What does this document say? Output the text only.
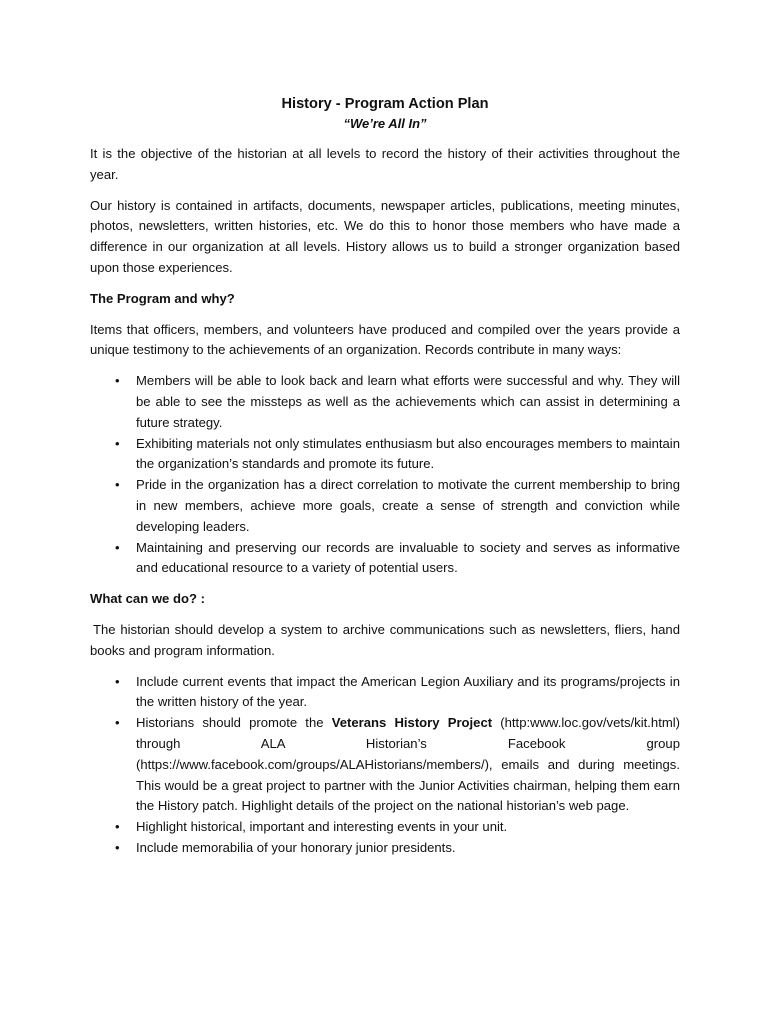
History - Program Action Plan
“We’re All In”

It is the objective of the historian at all levels to record the history of their activities throughout the year.

Our history is contained in artifacts, documents, newspaper articles, publications, meeting minutes, photos, newsletters, written histories, etc. We do this to honor those members who have made a difference in our organization at all levels. History allows us to build a stronger organization based upon those experiences.

The Program and why?

Items that officers, members, and volunteers have produced and compiled over the years provide a unique testimony to the achievements of an organization. Records contribute in many ways:

• Members will be able to look back and learn what efforts were successful and why. They will be able to see the missteps as well as the achievements which can assist in determining a future strategy.
• Exhibiting materials not only stimulates enthusiasm but also encourages members to maintain the organization’s standards and promote its future.
• Pride in the organization has a direct correlation to motivate the current membership to bring in new members, achieve more goals, create a sense of strength and conviction while developing leaders.
• Maintaining and preserving our records are invaluable to society and serves as informative and educational resource to a variety of potential users.
What can we do? :

The historian should develop a system to archive communications such as newsletters, fliers, hand books and program information.

• Include current events that impact the American Legion Auxiliary and its programs/projects in the written history of the year.
• Historians should promote the Veterans History Project (http:www.loc.gov/vets/kit.html) through ALA Historian’s Facebook group (https://www.facebook.com/groups/ALAHistorians/members/), emails and during meetings. This would be a great project to partner with the Junior Activities chairman, helping them earn the History patch. Highlight details of the project on the national historian’s web page.
• Highlight historical, important and interesting events in your unit.
• Include memorabilia of your honorary junior presidents.
